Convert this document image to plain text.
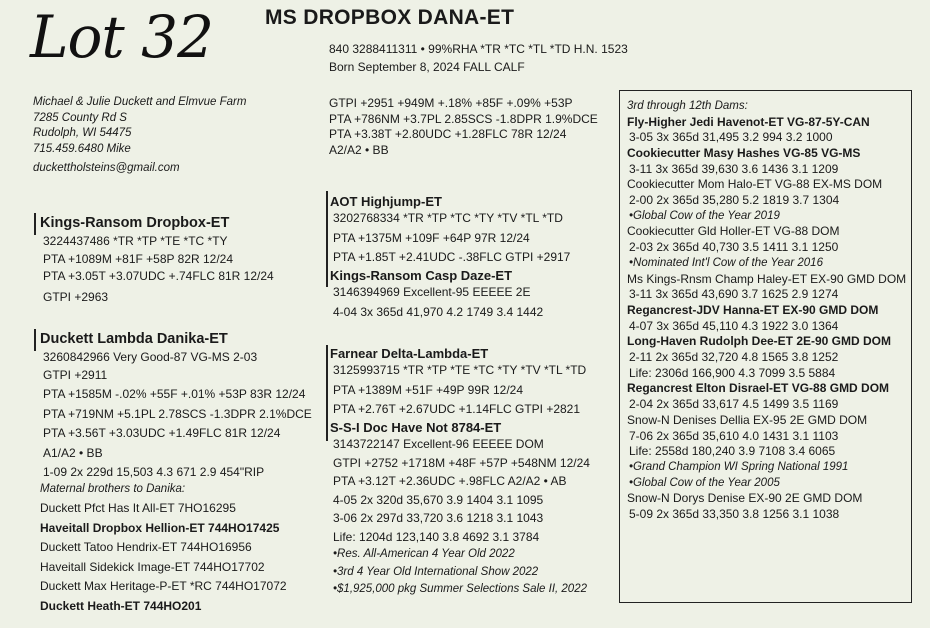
Lot 32 MS DROPBOX DANA-ET
840 3288411311 • 99%RHA *TR *TC *TL *TD H.N. 1523
Born September 8, 2024 FALL CALF
Michael & Julie Duckett and Elmvue Farm
7285 County Rd S
Rudolph, WI 54475
715.459.6480 Mike
duckettholsteins@gmail.com
GTPI +2951 +949M +.18% +85F +.09% +53P
PTA +786NM +3.7PL 2.85SCS -1.8DPR 1.9%DCE
PTA +3.38T +2.80UDC +1.28FLC 78R 12/24
A2/A2 • BB
Kings-Ransom Dropbox-ET
3224437486 *TR *TP *TE *TC *TY
PTA +1089M +81F +58P 82R 12/24
PTA +3.05T +3.07UDC +.74FLC 81R 12/24
GTPI +2963
Duckett Lambda Danika-ET
3260842966 Very Good-87 VG-MS 2-03
GTPI +2911
PTA +1585M -.02% +55F +.01% +53P 83R 12/24
PTA +719NM +5.1PL 2.78SCS -1.3DPR 2.1%DCE
PTA +3.56T +3.03UDC +1.49FLC 81R 12/24
A1/A2 • BB
1-09 2x 229d 15,503 4.3 671 2.9 454"RIP
Maternal brothers to Danika:
Duckett Pfct Has It All-ET 7HO16295
Haveitall Dropbox Hellion-ET 744HO17425
Duckett Tatoo Hendrix-ET 744HO16956
Haveitall Sidekick Image-ET 744HO17702
Duckett Max Heritage-P-ET *RC 744HO17072
Duckett Heath-ET 744HO201
AOT Highjump-ET
3202768334 *TR *TP *TC *TY *TV *TL *TD
PTA +1375M +109F +64P 97R 12/24
PTA +1.85T +2.41UDC -.38FLC GTPI +2917
Kings-Ransom Casp Daze-ET
3146394969 Excellent-95 EEEEE 2E
4-04 3x 365d 41,970 4.2 1749 3.4 1442
Farnear Delta-Lambda-ET
3125993715 *TR *TP *TE *TC *TY *TV *TL *TD
PTA +1389M +51F +49P 99R 12/24
PTA +2.76T +2.67UDC +1.14FLC GTPI +2821
S-S-I Doc Have Not 8784-ET
3143722147 Excellent-96 EEEEE DOM
GTPI +2752 +1718M +48F +57P +548NM 12/24
PTA +3.12T +2.36UDC +.98FLC A2/A2 • AB
4-05 2x 320d 35,670 3.9 1404 3.1 1095
3-06 2x 297d 33,720 3.6 1218 3.1 1043
Life: 1204d 123,140 3.8 4692 3.1 3784
•Res. All-American 4 Year Old 2022
•3rd 4 Year Old International Show 2022
•$1,925,000 pkg Summer Selections Sale II, 2022
3rd through 12th Dams:
Fly-Higher Jedi Havenot-ET VG-87-5Y-CAN
3-05 3x 365d 31,495 3.2 994 3.2 1000
Cookiecutter Masy Hashes VG-85 VG-MS
3-11 3x 365d 39,630 3.6 1436 3.1 1209
Cookiecutter Mom Halo-ET VG-88 EX-MS DOM
2-00 2x 365d 35,280 5.2 1819 3.7 1304
•Global Cow of the Year 2019
Cookiecutter Gld Holler-ET VG-88 DOM
2-03 2x 365d 40,730 3.5 1411 3.1 1250
•Nominated Int'l Cow of the Year 2016
Ms Kings-Rnsm Champ Haley-ET EX-90 GMD DOM
3-11 3x 365d 43,690 3.7 1625 2.9 1274
Regancrest-JDV Hanna-ET EX-90 GMD DOM
4-07 3x 365d 45,110 4.3 1922 3.0 1364
Long-Haven Rudolph Dee-ET 2E-90 GMD DOM
2-11 2x 365d 32,720 4.8 1565 3.8 1252
Life: 2306d 166,900 4.3 7099 3.5 5884
Regancrest Elton Disrael-ET VG-88 GMD DOM
2-04 2x 365d 33,617 4.5 1499 3.5 1169
Snow-N Denises Dellia EX-95 2E GMD DOM
7-06 2x 365d 35,610 4.0 1431 3.1 1103
Life: 2558d 180,240 3.9 7108 3.4 6065
•Grand Champion WI Spring National 1991
•Global Cow of the Year 2005
Snow-N Dorys Denise EX-90 2E GMD DOM
5-09 2x 365d 33,350 3.8 1256 3.1 1038
